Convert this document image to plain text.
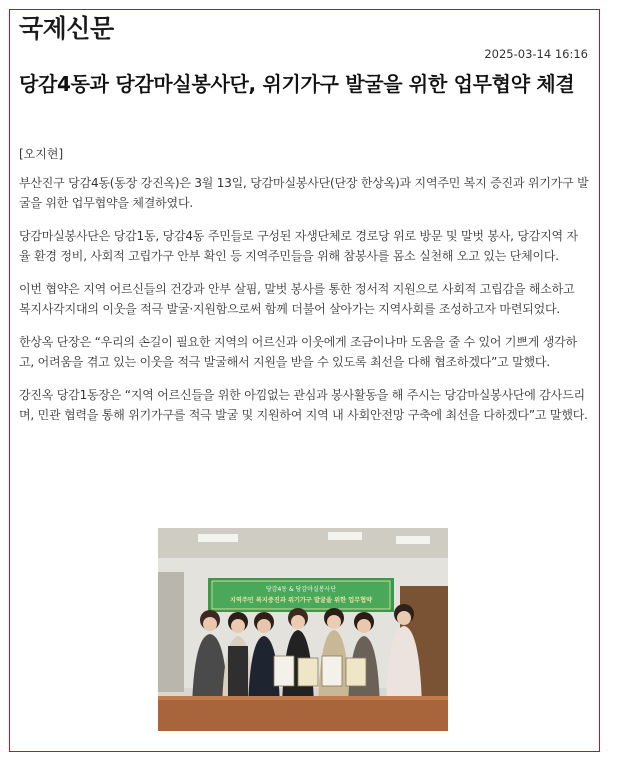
국제신문
2025-03-14 16:16
당감4동과 당감마실봉사단, 위기가구 발굴을 위한 업무협약 체결
[오지현]

부산진구 당감4동(동장 강진옥)은 3월 13일, 당감마실봉사단(단장 한상옥)과 지역주민 복지 증진과 위기가구 발굴을 위한 업무협약을 체결하였다.

당감마실봉사단은 당감1동, 당감4동 주민들로 구성된 자생단체로 경로당 위로 방문 및 말벗 봉사, 당감지역 자율 환경 정비, 사회적 고립가구 안부 확인 등 지역주민들을 위해 참봉사를 몸소 실천해 오고 있는 단체이다.

이번 협약은 지역 어르신들의 건강과 안부 살핌, 말벗 봉사를 통한 정서적 지원으로 사회적 고립감을 해소하고 복지사각지대의 이웃을 적극 발굴·지원함으로써 함께 더불어 살아가는 지역사회를 조성하고자 마련되었다.

한상옥 단장은 “우리의 손길이 필요한 지역의 어르신과 이웃에게 조금이나마 도움을 줄 수 있어 기쁘게 생각하고, 어려움을 겪고 있는 이웃을 적극 발굴해서 지원을 받을 수 있도록 최선을 다해 협조하겠다”고 말했다.

강진옥 당감1동장은 “지역 어르신들을 위한 아낌없는 관심과 봉사활동을 해 주시는 당감마실봉사단에 감사드리며, 민관 협력을 통해 위기가구를 적극 발굴 및 지원하여 지역 내 사회안전망 구축에 최선을 다하겠다”고 말했다.

당감4동 & 당감마실봉사단
지역주민 복지증진과 위기가구 발굴을 위한 업무협약
